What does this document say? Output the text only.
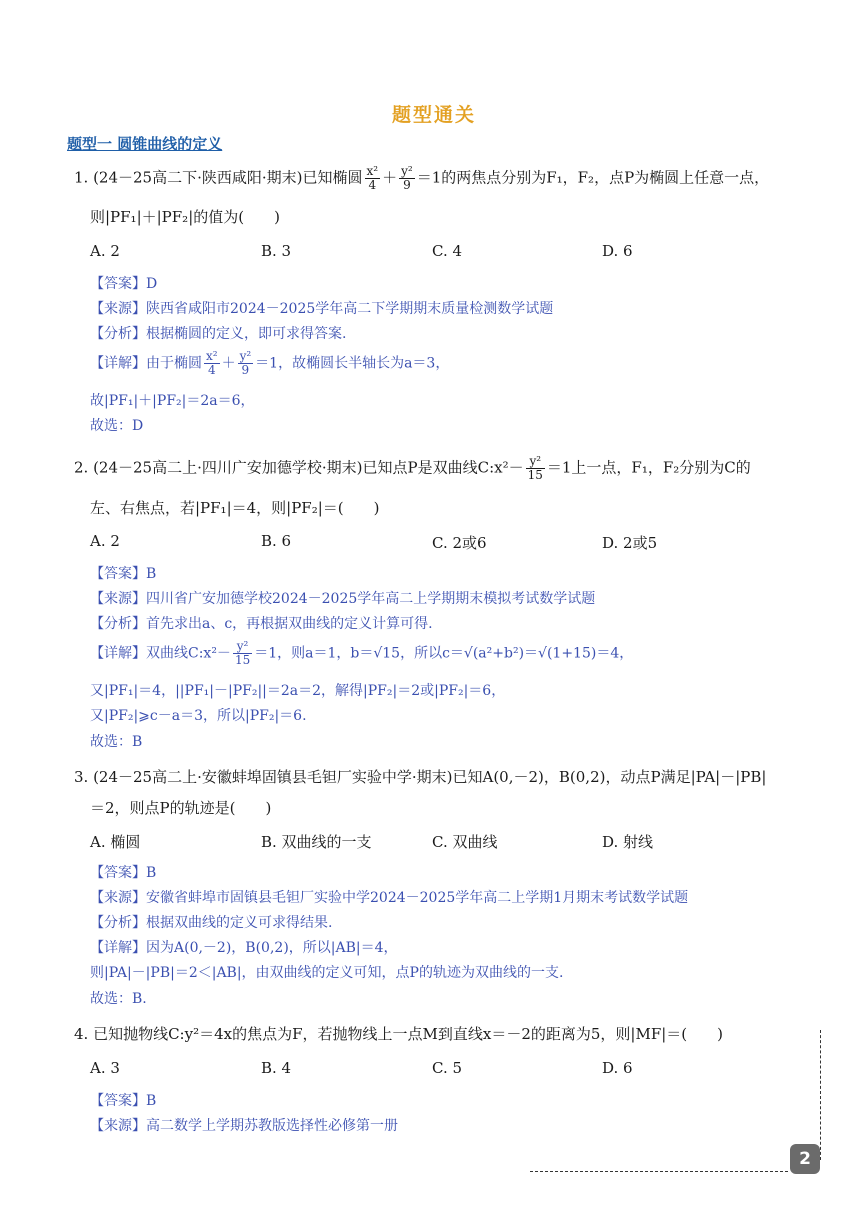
题型通关
题型一 圆锥曲线的定义
1. (24－25高二下·陕西咸阳·期末)已知椭圆 $\frac{\text{x²}}{4} + \frac{\text{y²}}{9} =1$的两焦点分别为F₁，F₂，点P为椭圆上任意一点，
则|PF₁|＋|PF₂|的值为(　　)
A. 2	B. 3	C. 4	D. 6
【答案】D
【来源】陕西省咸阳市2024－2025学年高二下学期期末质量检测数学试题
【分析】根据椭圆的定义，即可求得答案.
【详解】由于椭圆 $\frac{\text{x²}}{4} + \frac{\text{y²}}{9} =1$，故椭圆长半轴长为a＝3，
故|PF₁|＋|PF₂|＝2a＝6，
故选：D
2. (24－25高二上·四川广安加德学校·期末)已知点P是双曲线C:x²－ $\frac{\text{y²}}{15} =1$上一点，F₁，F₂分别为C的
左、右焦点，若|PF₁|＝4，则|PF₂|＝(　　)
A. 2	B. 6	C. 2或6	D. 2或5
【答案】B
【来源】四川省广安加德学校2024－2025学年高二上学期期末模拟考试数学试题
【分析】首先求出a、c，再根据双曲线的定义计算可得.
【详解】双曲线C:x²－ $\frac{\text{y²}}{15} =1$，则a＝1，b＝√15，所以c＝√(a²+b²)＝√(1+15)＝4，
又|PF₁|＝4，||PF₁|－|PF₂||＝2a＝2，解得|PF₂|＝2或|PF₂|＝6，
又|PF₂|⩾c－a＝3，所以|PF₂|＝6.
故选：B
3. (24－25高二上·安徽蚌埠固镇县毛钽厂实验中学·期末)已知A(0,－2)，B(0,2)，动点P满足|PA|－|PB|
＝2，则点P的轨迹是(　　)
A. 椭圆	B. 双曲线的一支	C. 双曲线	D. 射线
【答案】B
【来源】安徽省蚌埠市固镇县毛钽厂实验中学2024－2025学年高二上学期1月期末考试数学试题
【分析】根据双曲线的定义可求得结果.
【详解】因为A(0,－2)，B(0,2)，所以|AB|＝4，
则|PA|－|PB|＝2＜|AB|，由双曲线的定义可知，点P的轨迹为双曲线的一支.
故选：B.
4. 已知抛物线C:y²＝4x的焦点为F，若抛物线上一点M到直线x＝－2的距离为5，则|MF|＝(　　)
A. 3	B. 4	C. 5	D. 6
【答案】B
【来源】高二数学上学期苏教版选择性必修第一册
2
